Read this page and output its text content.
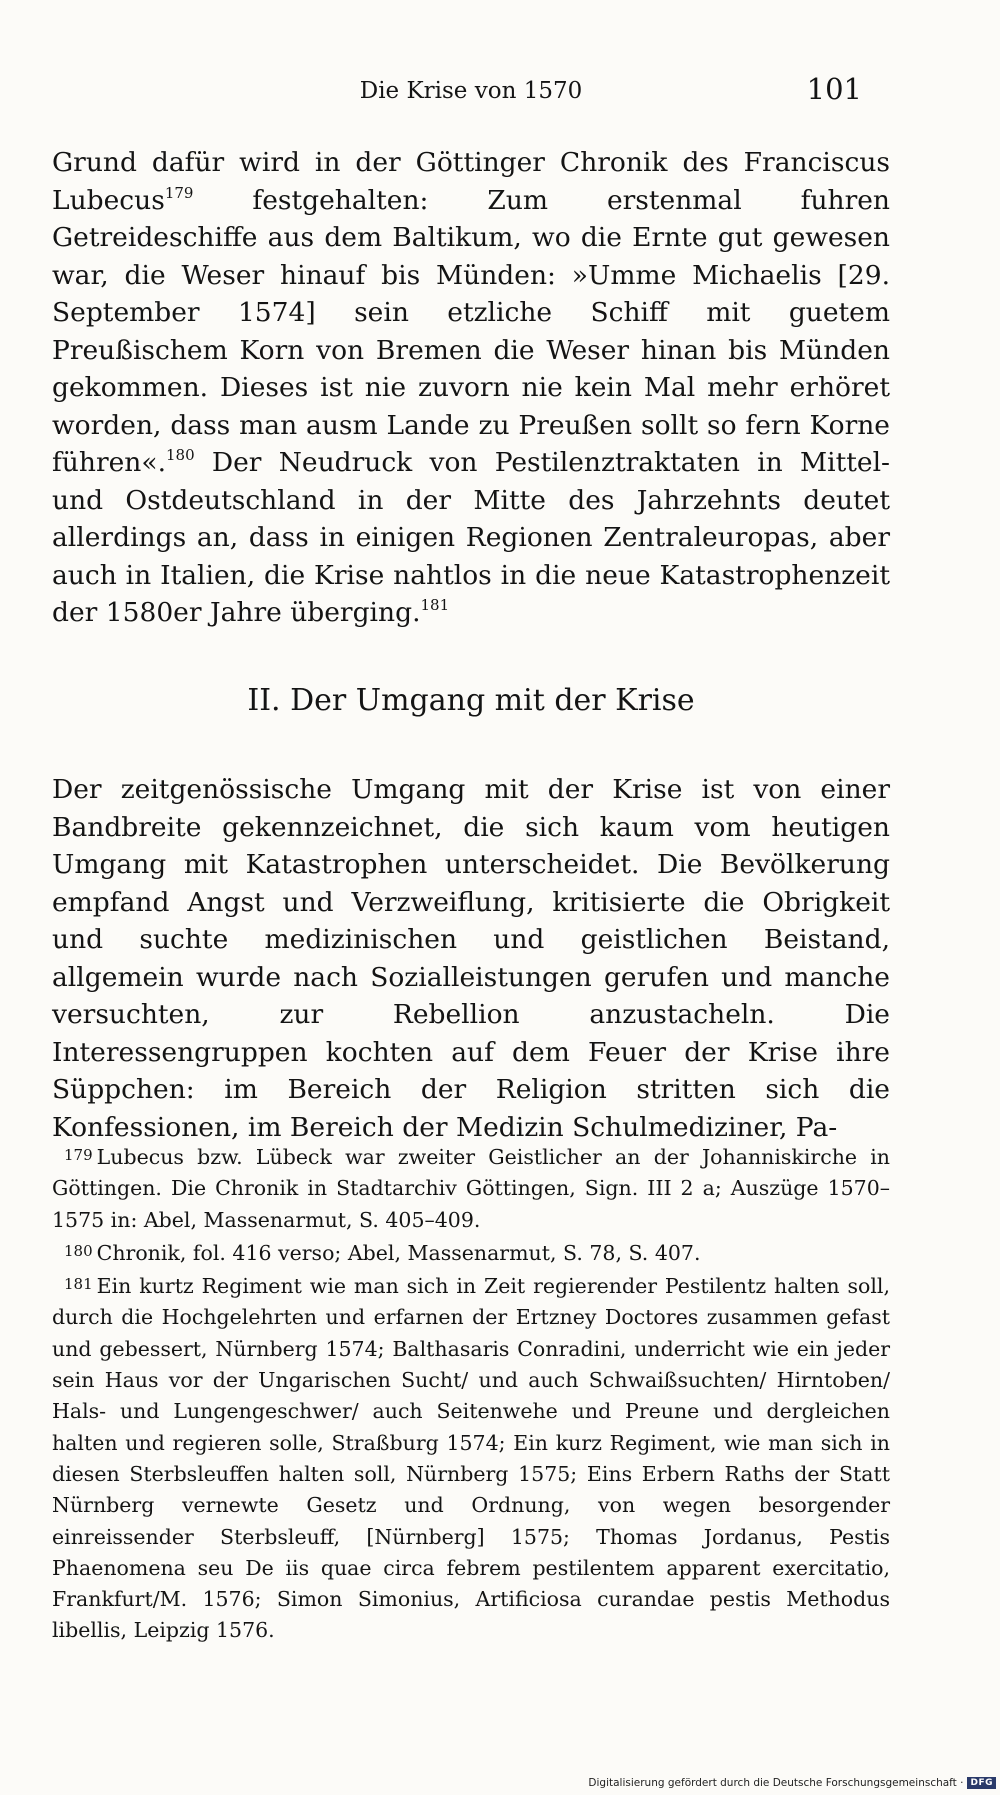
Die Krise von 1570	101

Grund dafür wird in der Göttinger Chronik des Franciscus Lubecus$^{179}$ festgehalten: Zum erstenmal fuhren Getreideschiffe aus dem Baltikum, wo die Ernte gut gewesen war, die Weser hinauf bis Münden: »Umme Michaelis [29. September 1574] sein etzliche Schiff mit guetem Preußischem Korn von Bremen die Weser hinan bis Münden gekommen. Dieses ist nie zuvorn nie kein Mal mehr erhöret worden, dass man ausm Lande zu Preußen sollt so fern Korne führen«.$^{180}$ Der Neudruck von Pestilenztraktaten in Mittel- und Ostdeutschland in der Mitte des Jahrzehnts deutet allerdings an, dass in einigen Regionen Zentraleuropas, aber auch in Italien, die Krise nahtlos in die neue Katastrophenzeit der 1580er Jahre überging.$^{181}$

II. Der Umgang mit der Krise

Der zeitgenössische Umgang mit der Krise ist von einer Bandbreite gekennzeichnet, die sich kaum vom heutigen Umgang mit Katastrophen unterscheidet. Die Bevölkerung empfand Angst und Verzweiflung, kritisierte die Obrigkeit und suchte medizinischen und geistlichen Beistand, allgemein wurde nach Sozialleistungen gerufen und manche versuchten, zur Rebellion anzustacheln. Die Interessengruppen kochten auf dem Feuer der Krise ihre Süppchen: im Bereich der Religion stritten sich die Konfessionen, im Bereich der Medizin Schulmediziner, Pa-

179 Lubecus bzw. Lübeck war zweiter Geistlicher an der Johanniskirche in Göttingen. Die Chronik in Stadtarchiv Göttingen, Sign. III 2 a; Auszüge 1570–1575 in: Abel, Massenarmut, S. 405–409.

180 Chronik, fol. 416 verso; Abel, Massenarmut, S. 78, S. 407.

181 Ein kurtz Regiment wie man sich in Zeit regierender Pestilentz halten soll, durch die Hochgelehrten und erfarnen der Ertzney Doctores zusammen gefast und gebessert, Nürnberg 1574; Balthasaris Conradini, underricht wie ein jeder sein Haus vor der Ungarischen Sucht/ und auch Schwaißsuchten/ Hirntoben/ Hals- und Lungengeschwer/ auch Seitenwehe und Preune und dergleichen halten und regieren solle, Straßburg 1574; Ein kurz Regiment, wie man sich in diesen Sterbsleuffen halten soll, Nürnberg 1575; Eins Erbern Raths der Statt Nürnberg vernewte Gesetz und Ordnung, von wegen besorgender einreissender Sterbsleuff, [Nürnberg] 1575; Thomas Jordanus, Pestis Phaenomena seu De iis quae circa febrem pestilentem apparent exercitatio, Frankfurt/M. 1576; Simon Simonius, Artificiosa curandae pestis Methodus libellis, Leipzig 1576.

Digitalisierung gefördert durch die Deutsche Forschungsgemeinschaft · DFG
